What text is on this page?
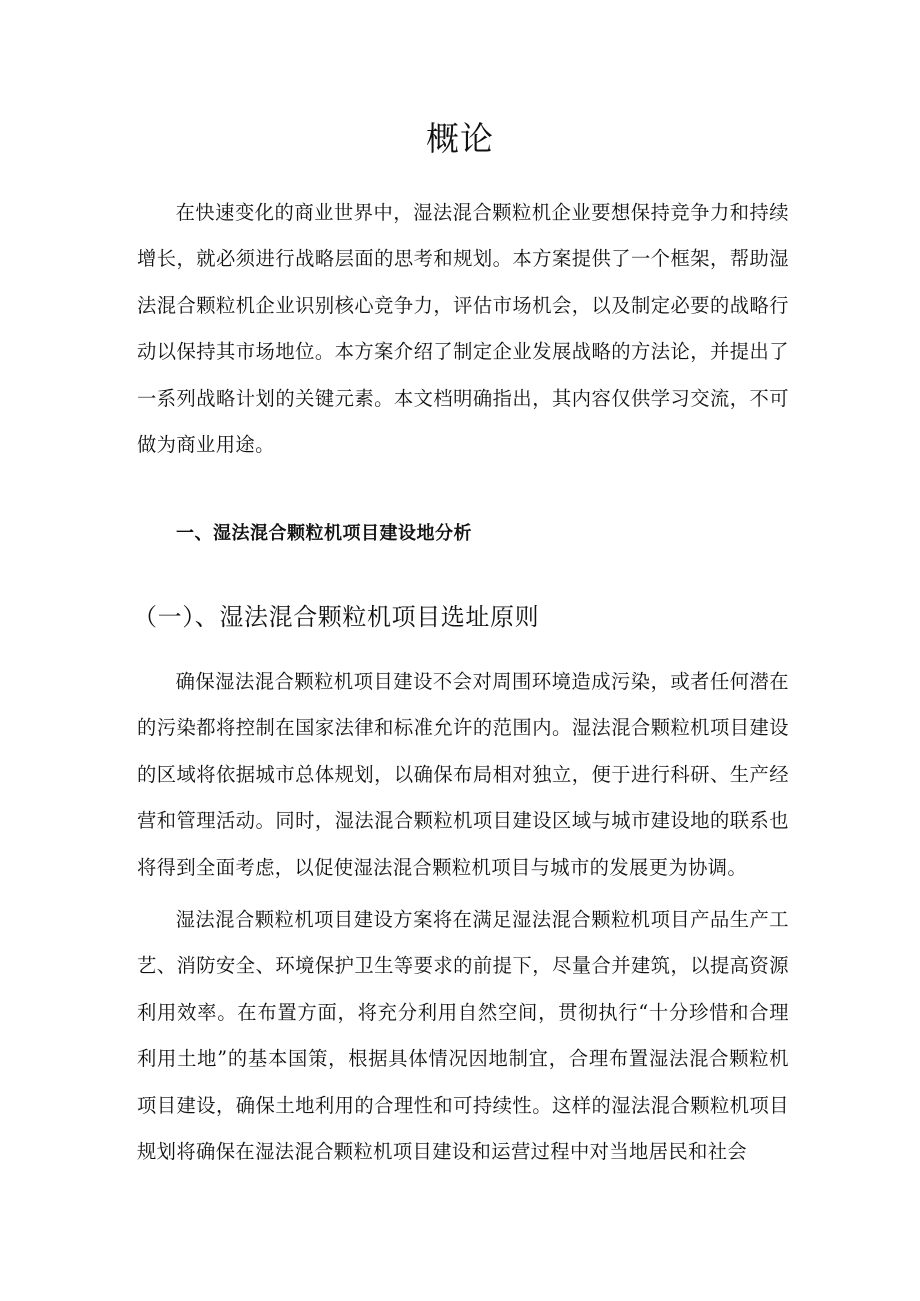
概论

在快速变化的商业世界中，湿法混合颗粒机企业要想保持竞争力和持续增长，就必须进行战略层面的思考和规划。本方案提供了一个框架，帮助湿法混合颗粒机企业识别核心竞争力，评估市场机会，以及制定必要的战略行动以保持其市场地位。本方案介绍了制定企业发展战略的方法论，并提出了一系列战略计划的关键元素。本文档明确指出，其内容仅供学习交流，不可做为商业用途。

一、湿法混合颗粒机项目建设地分析
（一）、湿法混合颗粒机项目选址原则

确保湿法混合颗粒机项目建设不会对周围环境造成污染，或者任何潜在的污染都将控制在国家法律和标准允许的范围内。湿法混合颗粒机项目建设的区域将依据城市总体规划，以确保布局相对独立，便于进行科研、生产经营和管理活动。同时，湿法混合颗粒机项目建设区域与城市建设地的联系也将得到全面考虑，以促使湿法混合颗粒机项目与城市的发展更为协调。

湿法混合颗粒机项目建设方案将在满足湿法混合颗粒机项目产品生产工艺、消防安全、环境保护卫生等要求的前提下，尽量合并建筑，以提高资源利用效率。在布置方面，将充分利用自然空间，贯彻执行“十分珍惜和合理利用土地”的基本国策，根据具体情况因地制宜，合理布置湿法混合颗粒机项目建设，确保土地利用的合理性和可持续性。这样的湿法混合颗粒机项目规划将确保在湿法混合颗粒机项目建设和运营过程中对当地居民和社会
